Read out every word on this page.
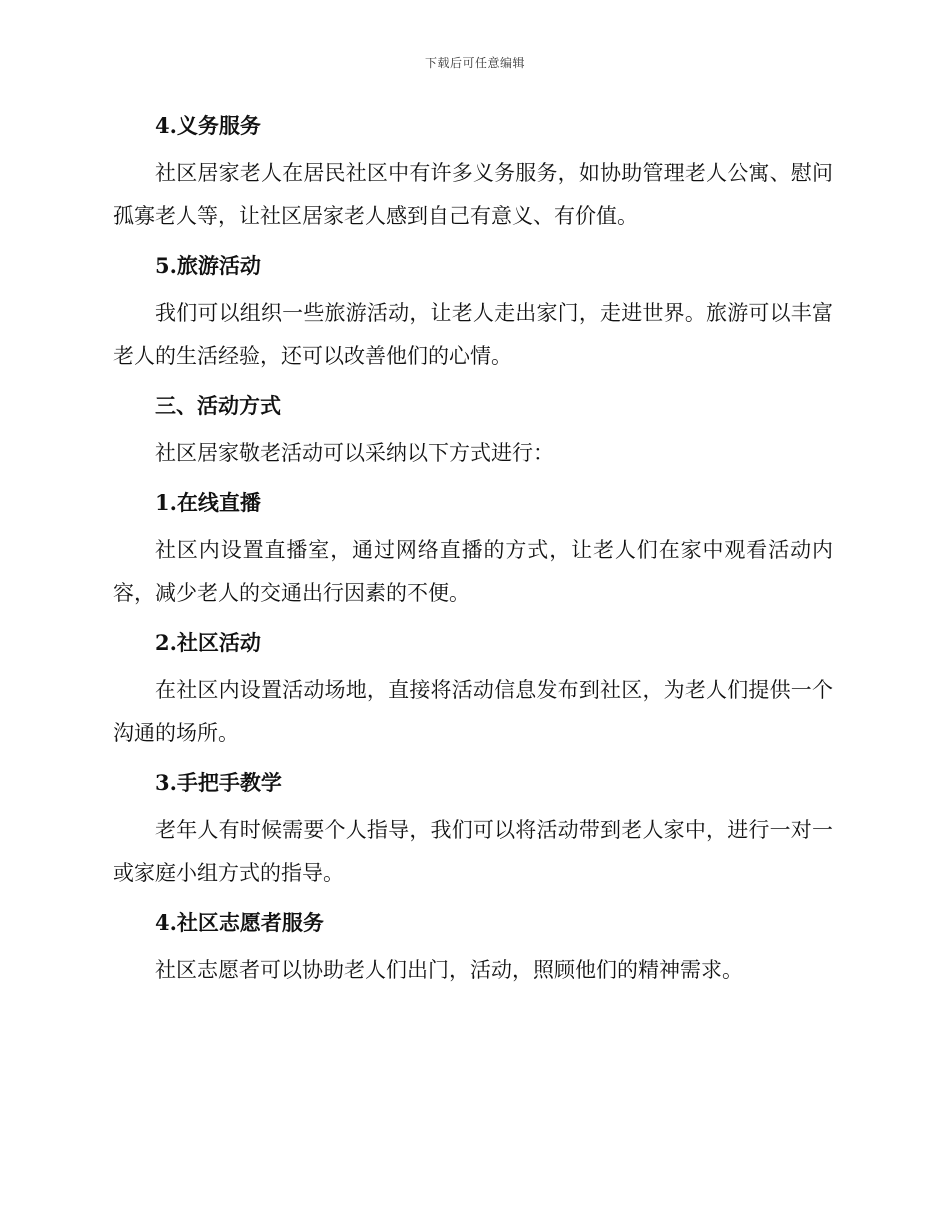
下载后可任意编辑
4.义务服务

社区居家老人在居民社区中有许多义务服务，如协助管理老人公寓、慰问孤寡老人等，让社区居家老人感到自己有意义、有价值。

5.旅游活动

我们可以组织一些旅游活动，让老人走出家门，走进世界。旅游可以丰富老人的生活经验，还可以改善他们的心情。

三、活动方式

社区居家敬老活动可以采纳以下方式进行：

1.在线直播

社区内设置直播室，通过网络直播的方式，让老人们在家中观看活动内容，减少老人的交通出行因素的不便。

2.社区活动

在社区内设置活动场地，直接将活动信息发布到社区，为老人们提供一个沟通的场所。

3.手把手教学

老年人有时候需要个人指导，我们可以将活动带到老人家中，进行一对一或家庭小组方式的指导。

4.社区志愿者服务

社区志愿者可以协助老人们出门，活动，照顾他们的精神需求。
